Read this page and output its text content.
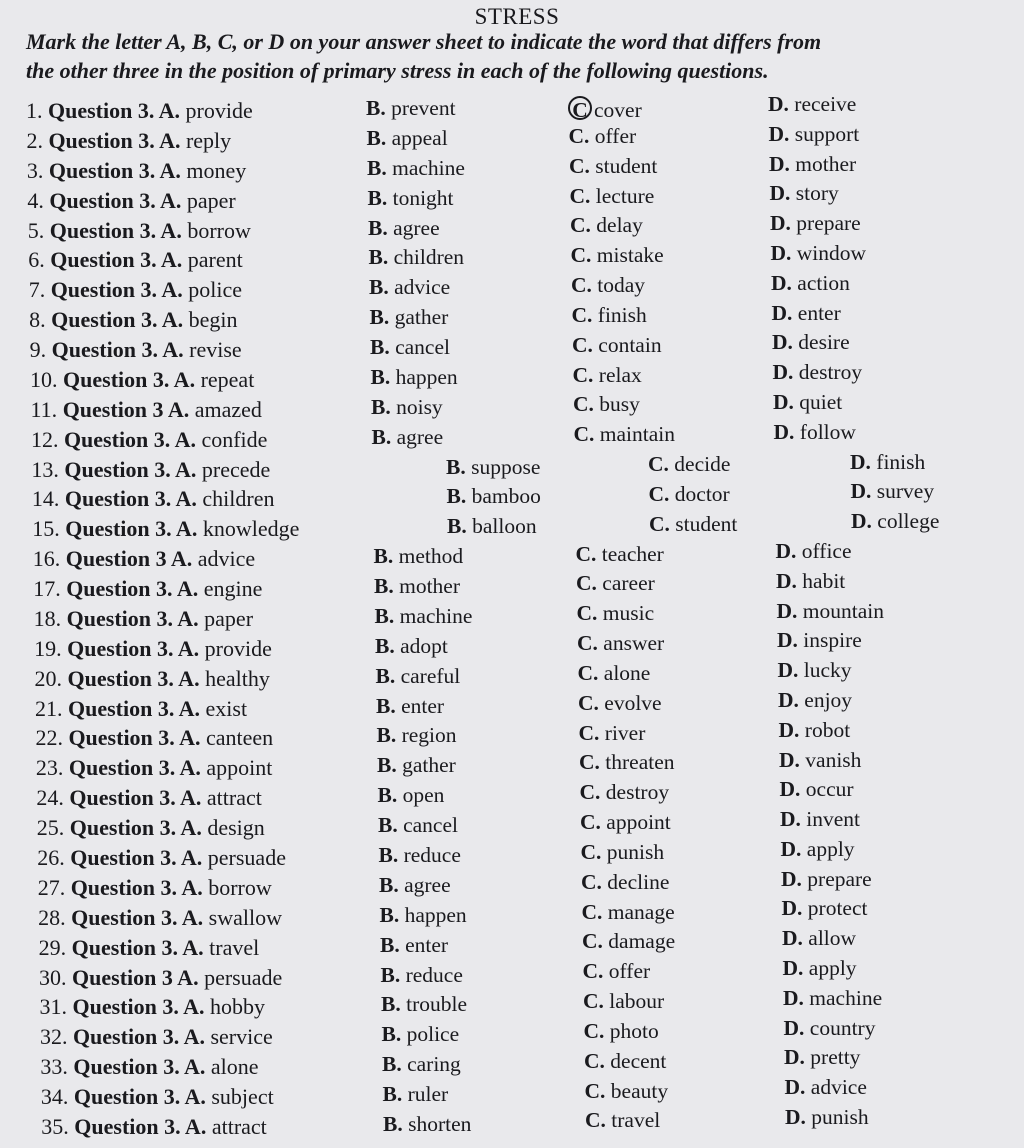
STRESS
Mark the letter A, B, C, or D on your answer sheet to indicate the word that differs from
the other three in the position of primary stress in each of the following questions.
1. Question 3. A. provide	B. prevent	C cover	D. receive
2. Question 3. A. reply	B. appeal	C. offer	D. support
3. Question 3. A. money	B. machine	C. student	D. mother
4. Question 3. A. paper	B. tonight	C. lecture	D. story
5. Question 3. A. borrow	B. agree	C. delay	D. prepare
6. Question 3. A. parent	B. children	C. mistake	D. window
7. Question 3. A. police	B. advice	C. today	D. action
8. Question 3. A. begin	B. gather	C. finish	D. enter
9. Question 3. A. revise	B. cancel	C. contain	D. desire
10. Question 3. A. repeat	B. happen	C. relax	D. destroy
11. Question 3 A. amazed	B. noisy	C. busy	D. quiet
12. Question 3. A. confide	B. agree	C. maintain	D. follow
13. Question 3. A. precede	B. suppose	C. decide	D. finish
14. Question 3. A. children	B. bamboo	C. doctor	D. survey
15. Question 3. A. knowledge	B. balloon	C. student	D. college
16. Question 3 A. advice	B. method	C. teacher	D. office
17. Question 3. A. engine	B. mother	C. career	D. habit
18. Question 3. A. paper	B. machine	C. music	D. mountain
19. Question 3. A. provide	B. adopt	C. answer	D. inspire
20. Question 3. A. healthy	B. careful	C. alone	D. lucky
21. Question 3. A. exist	B. enter	C. evolve	D. enjoy
22. Question 3. A. canteen	B. region	C. river	D. robot
23. Question 3. A. appoint	B. gather	C. threaten	D. vanish
24. Question 3. A. attract	B. open	C. destroy	D. occur
25. Question 3. A. design	B. cancel	C. appoint	D. invent
26. Question 3. A. persuade	B. reduce	C. punish	D. apply
27. Question 3. A. borrow	B. agree	C. decline	D. prepare
28. Question 3. A. swallow	B. happen	C. manage	D. protect
29. Question 3. A. travel	B. enter	C. damage	D. allow
30. Question 3 A. persuade	B. reduce	C. offer	D. apply
31. Question 3. A. hobby	B. trouble	C. labour	D. machine
32. Question 3. A. service	B. police	C. photo	D. country
33. Question 3. A. alone	B. caring	C. decent	D. pretty
34. Question 3. A. subject	B. ruler	C. beauty	D. advice
35. Question 3. A. attract	B. shorten	C. travel	D. punish
